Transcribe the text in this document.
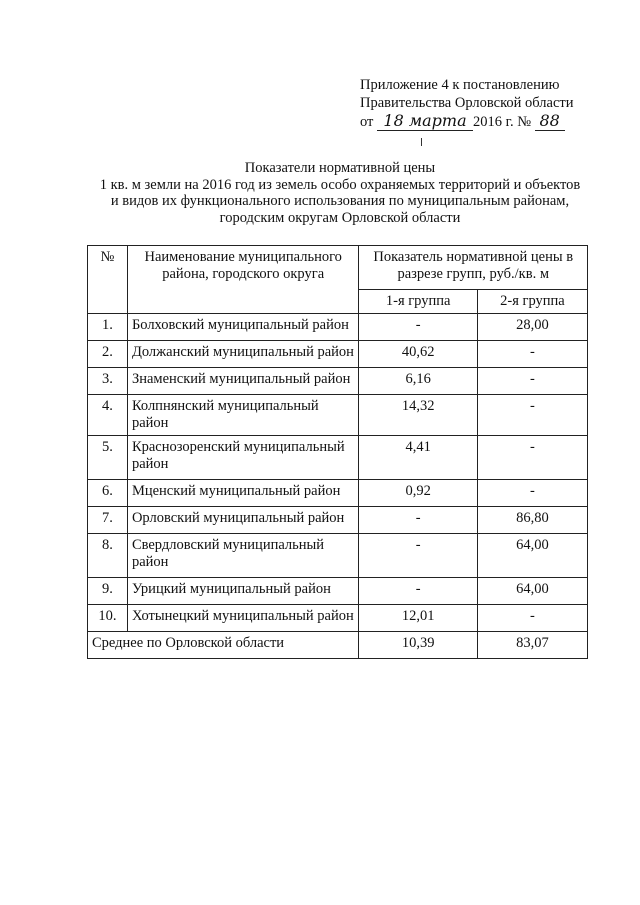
Приложение 4 к постановлению
Правительства Орловской области
от 18 марта 2016 г. № 88
Показатели нормативной цены
1 кв. м земли на 2016 год из земель особо охраняемых территорий и объектов
и видов их функционального использования по муниципальным районам,
городским округам Орловской области
№	Наименование муниципального района, городского округа	Показатель нормативной цены в разрезе групп, руб./кв. м	
		1-я группа	2-я группа
1.	Болховский муниципальный район	-	28,00
2.	Должанский муниципальный район	40,62	-
3.	Знаменский муниципальный район	6,16	-
4.	Колпнянский муниципальный район	14,32	-
5.	Краснозоренский муниципальный район	4,41	-
6.	Мценский муниципальный район	0,92	-
7.	Орловский муниципальный район	-	86,80
8.	Свердловский муниципальный район	-	64,00
9.	Урицкий муниципальный район	-	64,00
10.	Хотынецкий муниципальный район	12,01	-
Среднее по Орловской области		10,39	83,07
